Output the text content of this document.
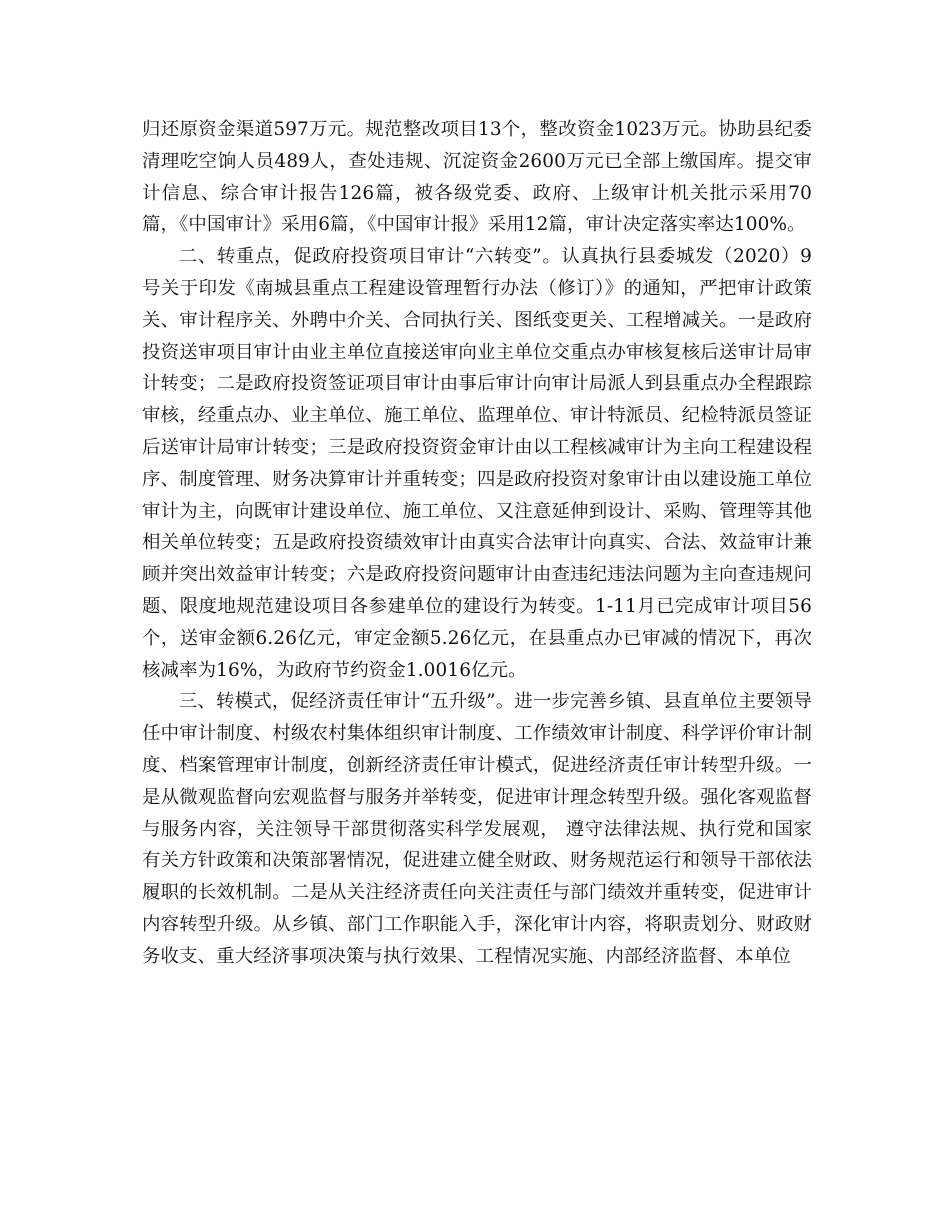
归还原资金渠道597万元。规范整改项目13个，整改资金1023万元。协助县纪委清理吃空饷人员489人，查处违规、沉淀资金2600万元已全部上缴国库。提交审计信息、综合审计报告126篇，被各级党委、政府、上级审计机关批示采用70篇，《中国审计》采用6篇，《中国审计报》采用12篇，审计决定落实率达100%。

二、转重点，促政府投资项目审计“六转变”。认真执行县委城发（2020）9号关于印发《南城县重点工程建设管理暂行办法（修订）》的通知，严把审计政策关、审计程序关、外聘中介关、合同执行关、图纸变更关、工程增减关。一是政府投资送审项目审计由业主单位直接送审向业主单位交重点办审核复核后送审计局审计转变；二是政府投资签证项目审计由事后审计向审计局派人到县重点办全程跟踪审核，经重点办、业主单位、施工单位、监理单位、审计特派员、纪检特派员签证后送审计局审计转变；三是政府投资资金审计由以工程核减审计为主向工程建设程序、制度管理、财务决算审计并重转变；四是政府投资对象审计由以建设施工单位审计为主，向既审计建设单位、施工单位、又注意延伸到设计、采购、管理等其他相关单位转变；五是政府投资绩效审计由真实合法审计向真实、合法、效益审计兼顾并突出效益审计转变；六是政府投资问题审计由查违纪违法问题为主向查违规问题、限度地规范建设项目各参建单位的建设行为转变。1-11月已完成审计项目56个，送审金额6.26亿元，审定金额5.26亿元，在县重点办已审减的情况下，再次核减率为16%，为政府节约资金1.0016亿元。

三、转模式，促经济责任审计“五升级”。进一步完善乡镇、县直单位主要领导任中审计制度、村级农村集体组织审计制度、工作绩效审计制度、科学评价审计制度、档案管理审计制度，创新经济责任审计模式，促进经济责任审计转型升级。一是从微观监督向宏观监督与服务并举转变，促进审计理念转型升级。强化客观监督与服务内容，关注领导干部贯彻落实科学发展观， 遵守法律法规、执行党和国家有关方针政策和决策部署情况，促进建立健全财政、财务规范运行和领导干部依法履职的长效机制。二是从关注经济责任向关注责任与部门绩效并重转变，促进审计内容转型升级。从乡镇、部门工作职能入手，深化审计内容，将职责划分、财政财务收支、重大经济事项决策与执行效果、工程情况实施、内部经济监督、本单位
